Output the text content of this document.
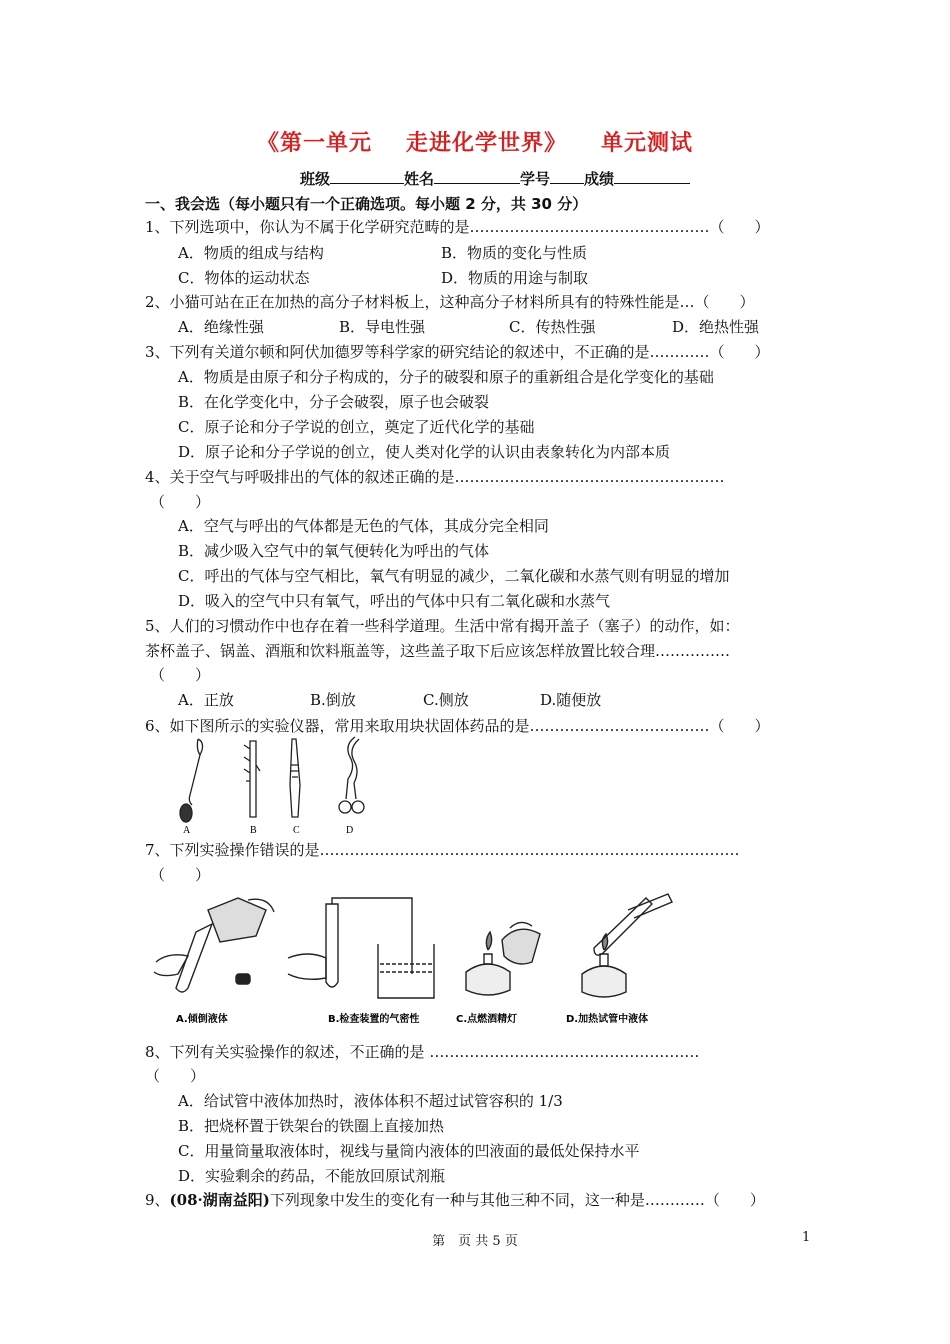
《第一单元 走进化学世界》 单元测试
班级	姓名	学号 成绩
一、我会选（每小题只有一个正确选项。每小题 2 分，共 30 分）
1、下列选项中，你认为不属于化学研究范畴的是…………………………………………（　　）
A．物质的组成与结构	B．物质的变化与性质
C．物体的运动状态	D．物质的用途与制取
2、小猫可站在正在加热的高分子材料板上，这种高分子材料所具有的特殊性能是…（　　）
A．绝缘性强	B．导电性强	C．传热性强	D．绝热性强
3、下列有关道尔顿和阿伏加德罗等科学家的研究结论的叙述中，不正确的是…………（　　）
A．物质是由原子和分子构成的，分子的破裂和原子的重新组合是化学变化的基础
B．在化学变化中，分子会破裂，原子也会破裂
C．原子论和分子学说的创立，奠定了近代化学的基础
D．原子论和分子学说的创立，使人类对化学的认识由表象转化为内部本质
4、关于空气与呼吸排出的气体的叙述正确的是………………………………………………
（　　）
A．空气与呼出的气体都是无色的气体，其成分完全相同
B．减少吸入空气中的氧气便转化为呼出的气体
C．呼出的气体与空气相比，氧气有明显的减少，二氧化碳和水蒸气则有明显的增加
D．吸入的空气中只有氧气，呼出的气体中只有二氧化碳和水蒸气
5、人们的习惯动作中也存在着一些科学道理。生活中常有揭开盖子（塞子）的动作，如：
茶杯盖子、锅盖、酒瓶和饮料瓶盖等，这些盖子取下后应该怎样放置比较合理……………
（　　）
A．正放	B.倒放	C.侧放	D.随便放
6、如下图所示的实验仪器，常用来取用块状固体药品的是………………………………（　　）
A	B	C	D
7、下列实验操作错误的是…………………………………………………………………………
（　　）
A.倾倒液体	B.检查装置的气密性	C.点燃酒精灯	D.加热试管中液体
8、下列有关实验操作的叙述，不正确的是 ………………………………………………
（　　）
A．给试管中液体加热时，液体体积不超过试管容积的 1/3
B．把烧杯置于铁架台的铁圈上直接加热
C．用量筒量取液体时，视线与量筒内液体的凹液面的最低处保持水平
D．实验剩余的药品，不能放回原试剂瓶
9、(08·湖南益阳)下列现象中发生的变化有一种与其他三种不同，这一种是…………（　　）
第　页 共 5 页	1
